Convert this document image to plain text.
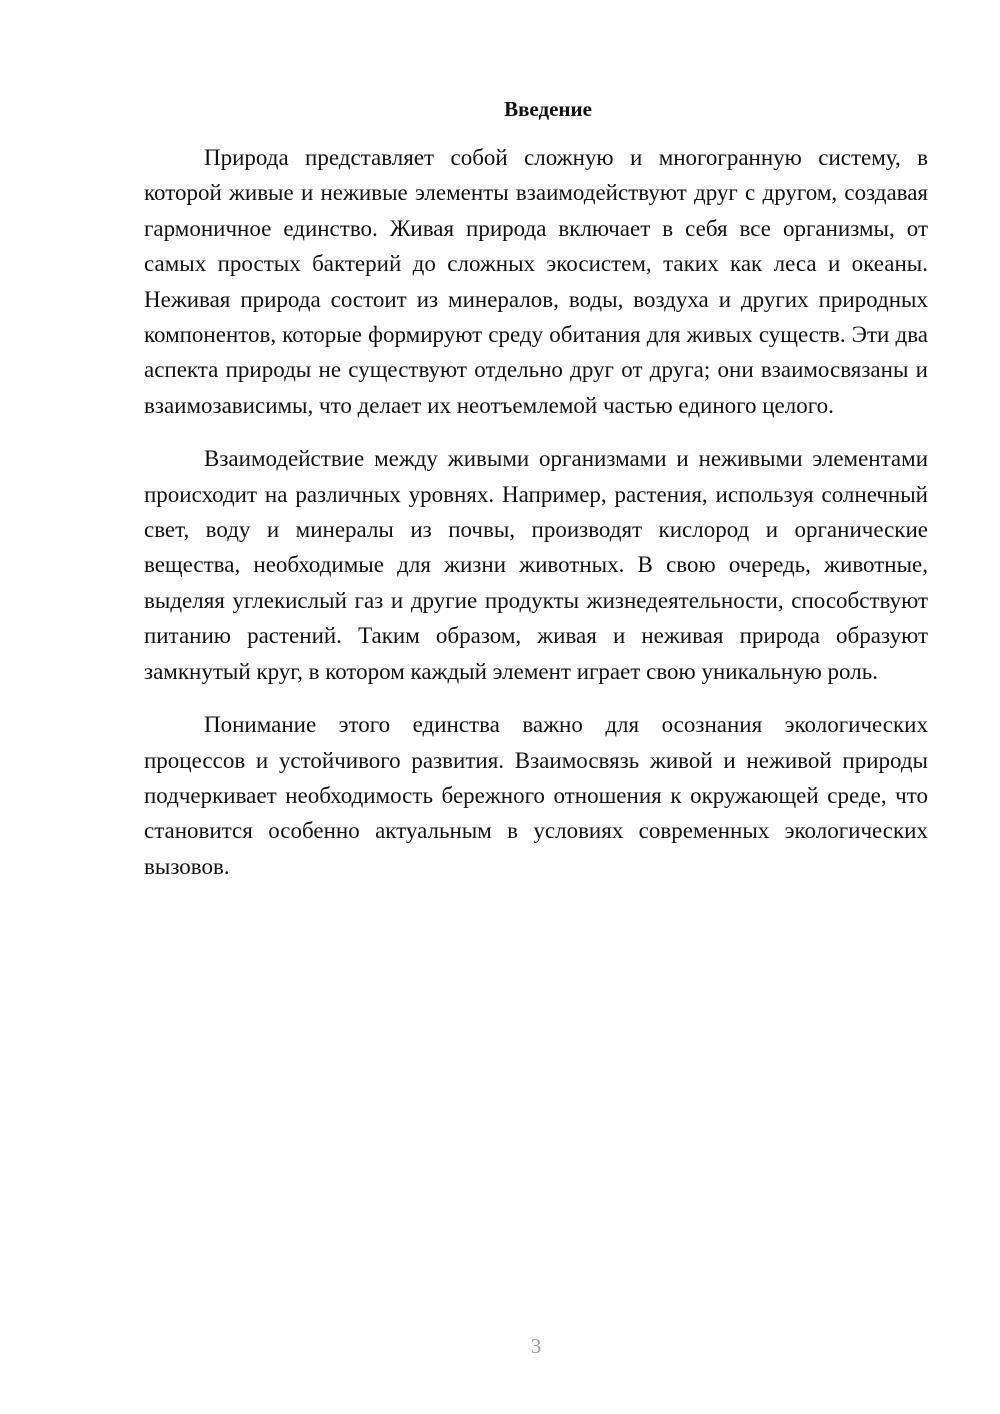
Введение

Природа представляет собой сложную и многогранную систему, в которой живые и неживые элементы взаимодействуют друг с другом, создавая гармоничное единство. Живая природа включает в себя все организмы, от самых простых бактерий до сложных экосистем, таких как леса и океаны. Неживая природа состоит из минералов, воды, воздуха и других природных компонентов, которые формируют среду обитания для живых существ. Эти два аспекта природы не существуют отдельно друг от друга; они взаимосвязаны и взаимозависимы, что делает их неотъемлемой частью единого целого.

Взаимодействие между живыми организмами и неживыми элементами происходит на различных уровнях. Например, растения, используя солнечный свет, воду и минералы из почвы, производят кислород и органические вещества, необходимые для жизни животных. В свою очередь, животные, выделяя углекислый газ и другие продукты жизнедеятельности, способствуют питанию растений. Таким образом, живая и неживая природа образуют замкнутый круг, в котором каждый элемент играет свою уникальную роль.

Понимание этого единства важно для осознания экологических процессов и устойчивого развития. Взаимосвязь живой и неживой природы подчеркивает необходимость бережного отношения к окружающей среде, что становится особенно актуальным в условиях современных экологических вызовов.

3
